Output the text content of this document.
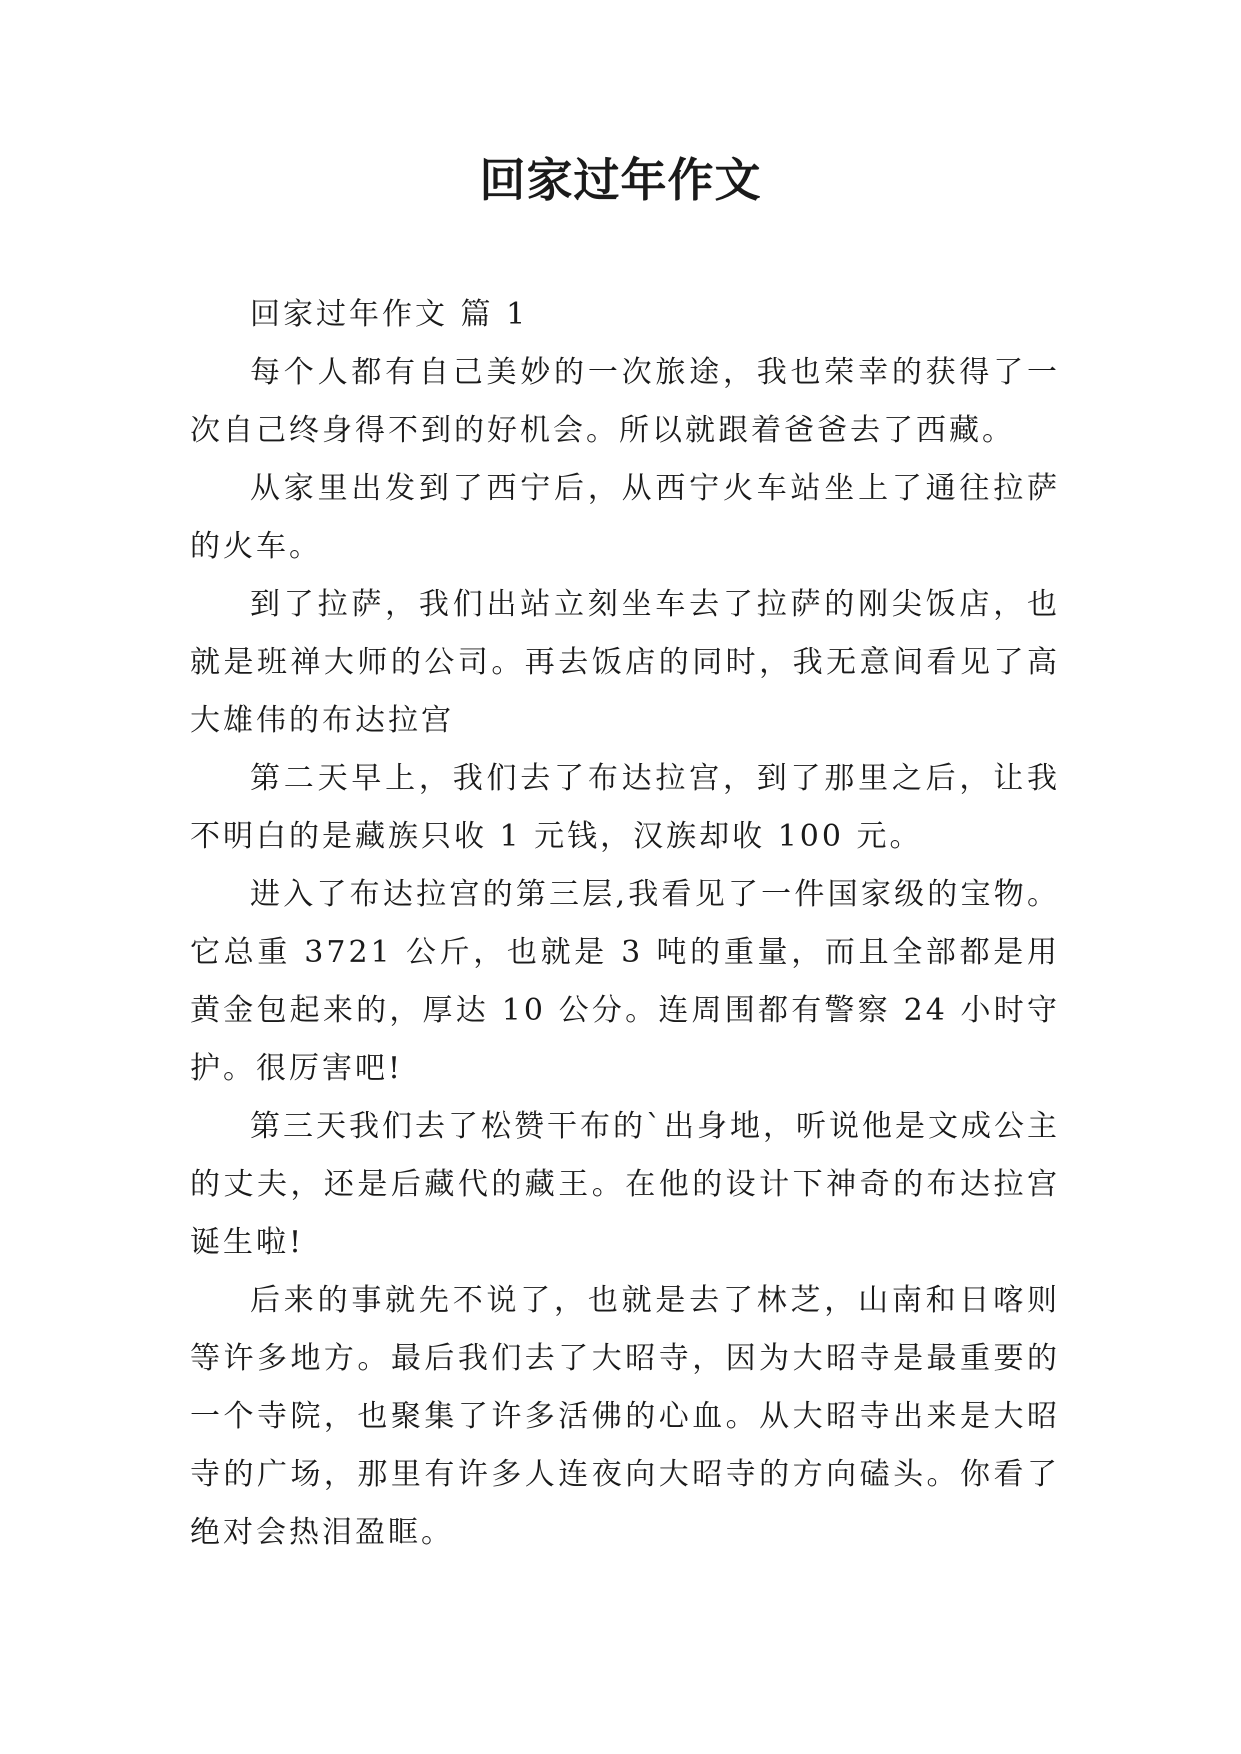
回家过年作文

回家过年作文 篇 1

每个人都有自己美妙的一次旅途，我也荣幸的获得了一次自己终身得不到的好机会。所以就跟着爸爸去了西藏。

从家里出发到了西宁后，从西宁火车站坐上了通往拉萨的火车。

到了拉萨，我们出站立刻坐车去了拉萨的刚尖饭店，也就是班禅大师的公司。再去饭店的同时，我无意间看见了高大雄伟的布达拉宫

第二天早上，我们去了布达拉宫，到了那里之后，让我不明白的是藏族只收 1 元钱，汉族却收 100 元。

进入了布达拉宫的第三层,我看见了一件国家级的宝物。它总重 3721 公斤，也就是 3 吨的重量，而且全部都是用黄金包起来的，厚达 10 公分。连周围都有警察 24 小时守护。很厉害吧!

第三天我们去了松赞干布的`出身地，听说他是文成公主的丈夫，还是后藏代的藏王。在他的设计下神奇的布达拉宫诞生啦!

后来的事就先不说了，也就是去了林芝，山南和日喀则等许多地方。最后我们去了大昭寺，因为大昭寺是最重要的一个寺院，也聚集了许多活佛的心血。从大昭寺出来是大昭寺的广场，那里有许多人连夜向大昭寺的方向磕头。你看了绝对会热泪盈眶。
